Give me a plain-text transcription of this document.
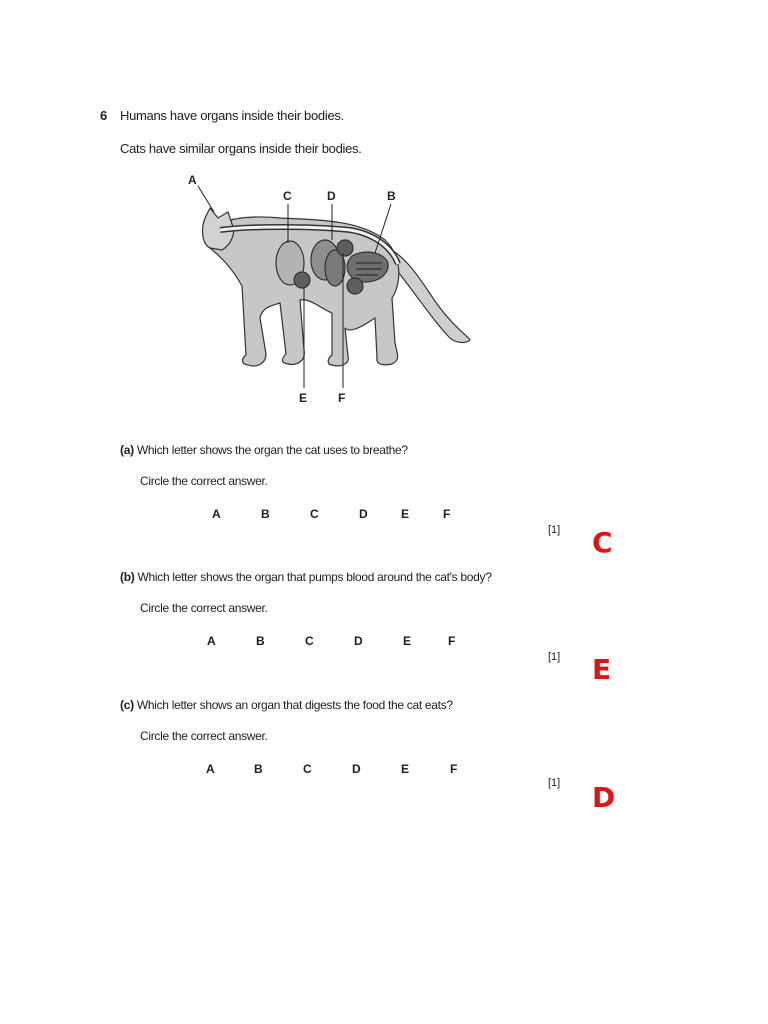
6 Humans have organs inside their bodies.
Cats have similar organs inside their bodies.
A
C	D	B
E	F
(a) Which letter shows the organ the cat uses to breathe?
Circle the correct answer.
A	B	C	D	E	F
[1] C
(b) Which letter shows the organ that pumps blood around the cat's body?
Circle the correct answer.
A	B	C	D	E	F
[1] E
(c) Which letter shows an organ that digests the food the cat eats?
Circle the correct answer.
A	B	C	D	E	F
[1] D
